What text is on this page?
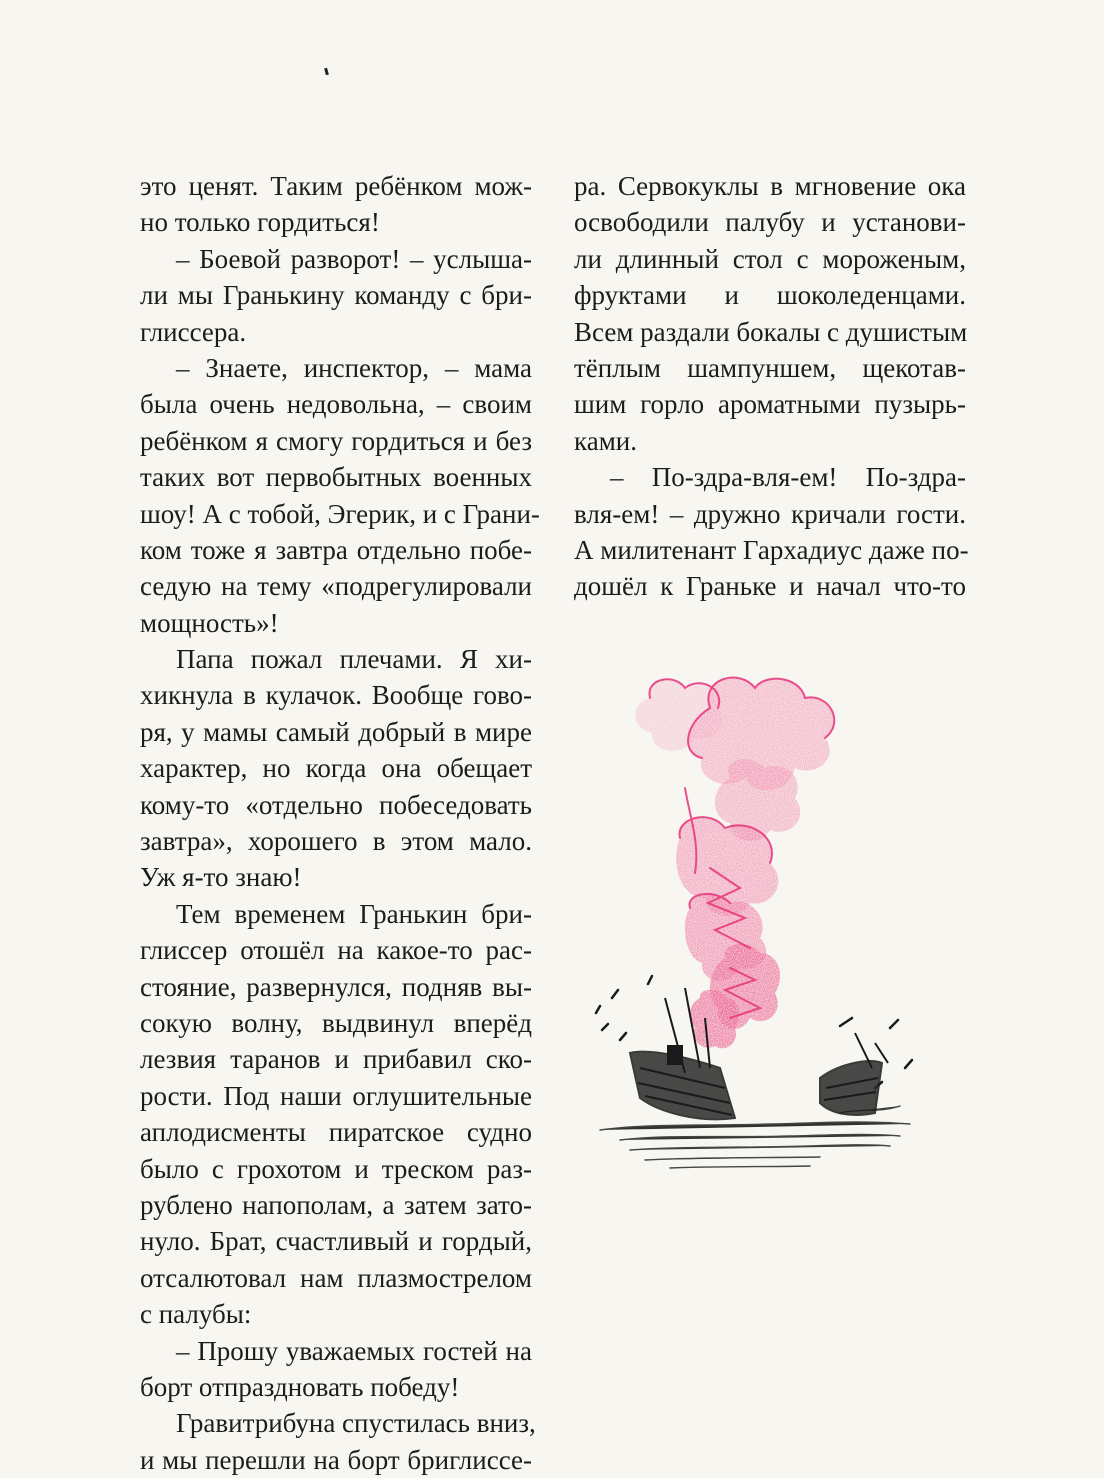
это ценят. Таким ребёнком мож-
но только гордиться!
– Боевой разворот! – услыша-
ли мы Гранькину команду с бри-
глиссера.
– Знаете, инспектор, – мама
была очень недовольна, – своим
ребёнком я смогу гордиться и без
таких вот первобытных военных
шоу! А с тобой, Эгерик, и с Грани-
ком тоже я завтра отдельно побе-
седую на тему «подрегулировали
мощность»!
Папа пожал плечами. Я хи-
хикнула в кулачок. Вообще гово-
ря, у мамы самый добрый в мире
характер, но когда она обещает
кому-то «отдельно побеседовать
завтра», хорошего в этом мало.
Уж я-то знаю!
Тем временем Гранькин бри-
глиссер отошёл на какое-то рас-
стояние, развернулся, подняв вы-
сокую волну, выдвинул вперёд
лезвия таранов и прибавил ско-
рости. Под наши оглушительные
аплодисменты пиратское судно
было с грохотом и треском раз-
рублено напополам, а затем зато-
нуло. Брат, счастливый и гордый,
отсалютовал нам плазмострелом
с палубы:
– Прошу уважаемых гостей на
борт отпраздновать победу!
Гравитрибуна спустилась вниз,
и мы перешли на борт бриглиссе-
ра. Сервокуклы в мгновение ока
освободили палубу и установи-
ли длинный стол с мороженым,
фруктами и шоколеденцами.
Всем раздали бокалы с душистым
тёплым шампуншем, щекотав-
шим горло ароматными пузырь-
ками.
– По-здра-вля-ем! По-здра-
вля-ем! – дружно кричали гости.
А милитенант Гархадиус даже по-
дошёл к Граньке и начал что-то
